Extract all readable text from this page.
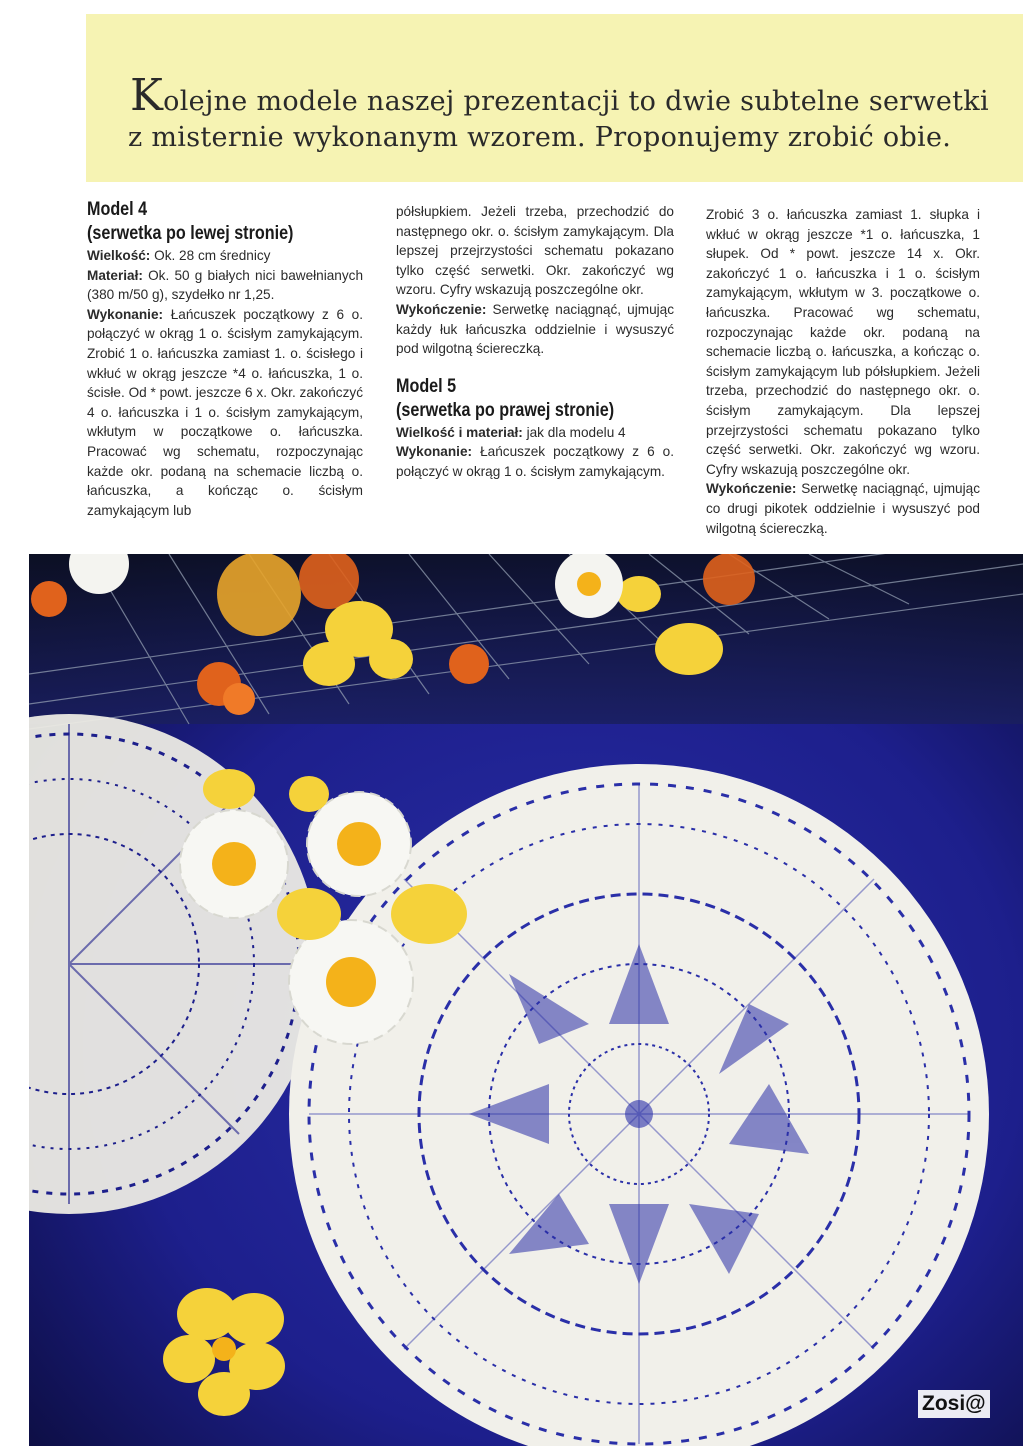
Kolejne modele naszej prezentacji to dwie subtelne serwetki

z misternie wykonanym wzorem. Proponujemy zrobić obie.

Model 4

(serwetka po lewej stronie)

Wielkość: Ok. 28 cm średnicy

Materiał: Ok. 50 g białych nici bawełnianych (380 m/50 g), szydełko nr 1,25.

Wykonanie: Łańcuszek początkowy z 6 o. połączyć w okrąg 1 o. ścisłym zamykającym. Zrobić 1 o. łańcuszka zamiast 1. o. ścisłego i wkłuć w okrąg jeszcze *4 o. łańcuszka, 1 o. ścisłe. Od * powt. jeszcze 6 x. Okr. zakończyć 4 o. łańcuszka i 1 o. ścisłym zamykającym, wkłutym w początkowe o. łańcuszka. Pracować wg schematu, rozpoczynając każde okr. podaną na schemacie liczbą o. łańcuszka, a kończąc o. ścisłym zamykającym lub

półsłupkiem. Jeżeli trzeba, przechodzić do następnego okr. o. ścisłym zamykającym. Dla lepszej przejrzystości schematu pokazano tylko część serwetki. Okr. zakończyć wg wzoru. Cyfry wskazują poszczególne okr.

Wykończenie: Serwetkę naciągnąć, ujmując każdy łuk łańcuszka oddzielnie i wysuszyć pod wilgotną ściereczką.

Model 5

(serwetka po prawej stronie)

Wielkość i materiał: jak dla modelu 4

Wykonanie: Łańcuszek początkowy z 6 o. połączyć w okrąg 1 o. ścisłym zamykającym.

Zrobić 3 o. łańcuszka zamiast 1. słupka i wkłuć w okrąg jeszcze *1 o. łańcuszka, 1 słupek. Od * powt. jeszcze 14 x. Okr. zakończyć 1 o. łańcuszka i 1 o. ścisłym zamykającym, wkłutym w 3. początkowe o. łańcuszka. Pracować wg schematu, rozpoczynając każde okr. podaną na schemacie liczbą o. łańcuszka, a kończąc o. ścisłym zamykającym lub półsłupkiem. Jeżeli trzeba, przechodzić do następnego okr. o. ścisłym zamykającym. Dla lepszej przejrzystości schematu pokazano tylko część serwetki. Okr. zakończyć wg wzoru. Cyfry wskazują poszczególne okr.

Wykończenie: Serwetkę naciągnąć, ujmując co drugi pikotek oddzielnie i wysuszyć pod wilgotną ściereczką.

Zosi@
